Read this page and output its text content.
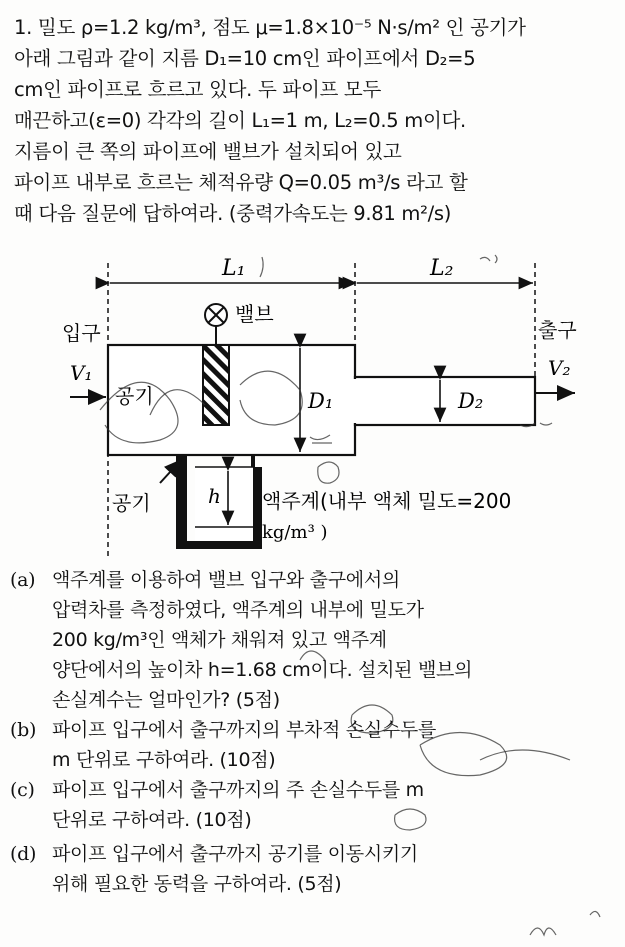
1. 밀도 ρ=1.2 kg/m³, 점도 μ=1.8×10⁻⁵ N·s/m² 인 공기가
아래 그림과 같이 지름 D₁=10 cm인 파이프에서 D₂=5
cm인 파이프로 흐르고 있다. 두 파이프 모두
매끈하고(ε=0) 각각의 길이 L₁=1 m, L₂=0.5 m이다.
지름이 큰 쪽의 파이프에 밸브가 설치되어 있고
파이프 내부로 흐르는 체적유량 Q=0.05 m³/s 라고 할
때 다음 질문에 답하여라. (중력가속도는 9.81 m²/s)
L₁	L₂
밸브
입구	출구
V₁	V₂
공기	D₁	D₂
h
공기	액주계(내부 액체 밀도=200
kg/m³ )
(a) 액주계를 이용하여 밸브 입구와 출구에서의
압력차를 측정하였다, 액주계의 내부에 밀도가
200 kg/m³인 액체가 채워져 있고 액주계
양단에서의 높이차 h=1.68 cm이다. 설치된 밸브의
손실계수는 얼마인가? (5점)
(b) 파이프 입구에서 출구까지의 부차적 손실수두를
m 단위로 구하여라. (10점)
(c) 파이프 입구에서 출구까지의 주 손실수두를 m
단위로 구하여라. (10점)
(d) 파이프 입구에서 출구까지 공기를 이동시키기
위해 필요한 동력을 구하여라. (5점)
